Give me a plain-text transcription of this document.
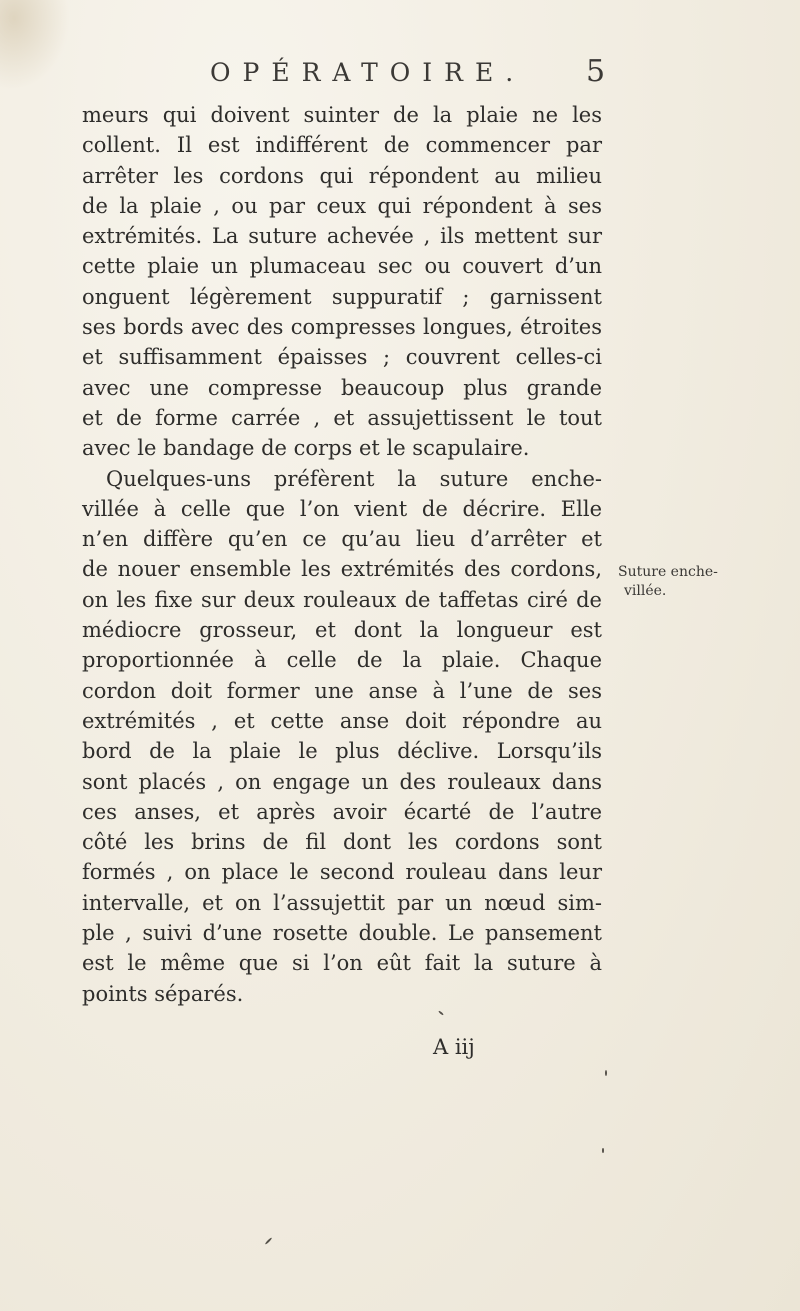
OPÉRATOIRE.	5
meurs qui doivent suinter de la plaie ne les
collent. Il est indifférent de commencer par
arrêter les cordons qui répondent au milieu
de la plaie , ou par ceux qui répondent à ses
extrémités. La suture achevée , ils mettent sur
cette plaie un plumaceau sec ou couvert d’un
onguent légèrement suppuratif ; garnissent
ses bords avec des compresses longues, étroites
et suffisamment épaisses ; couvrent celles-ci
avec une compresse beaucoup plus grande
et de forme carrée , et assujettissent le tout
avec le bandage de corps et le scapulaire.
Quelques-uns préfèrent la suture enche-
villée à celle que l’on vient de décrire. Elle
n’en diffère qu’en ce qu’au lieu d’arrêter et
de nouer ensemble les extrémités des cordons,
on les fixe sur deux rouleaux de taffetas ciré de
médiocre grosseur, et dont la longueur est
proportionnée à celle de la plaie. Chaque
cordon doit former une anse à l’une de ses
extrémités , et cette anse doit répondre au
bord de la plaie le plus déclive. Lorsqu’ils
sont placés , on engage un des rouleaux dans
ces anses, et après avoir écarté de l’autre
côté les brins de fil dont les cordons sont
formés , on place le second rouleau dans leur
intervalle, et on l’assujettit par un nœud sim-
ple , suivi d’une rosette double. Le pansement
est le même que si l’on eût fait la suture à
points séparés.
Suture enche-
villée.
A iij
